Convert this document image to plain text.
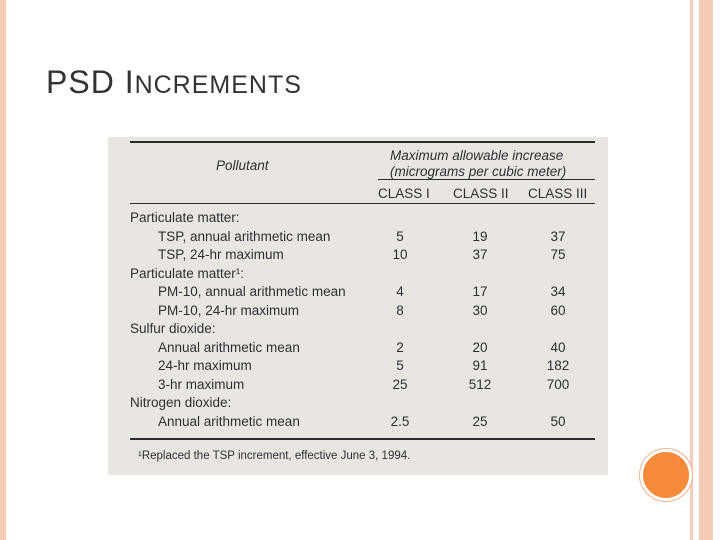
PSD INCREMENTS
Pollutant
Maximum allowable increase
(micrograms per cubic meter)
CLASS I CLASS II CLASS III
Particulate matter:
TSP, annual arithmetic mean	5	19	37
TSP, 24-hr maximum	10	37	75
Particulate matter¹:
PM-10, annual arithmetic mean	4	17	34
PM-10, 24-hr maximum	8	30	60
Sulfur dioxide:
Annual arithmetic mean	2	20	40
24-hr maximum	5	91	182
3-hr maximum	25	512	700
Nitrogen dioxide:
Annual arithmetic mean	2.5	25	50
¹Replaced the TSP increment, effective June 3, 1994.
